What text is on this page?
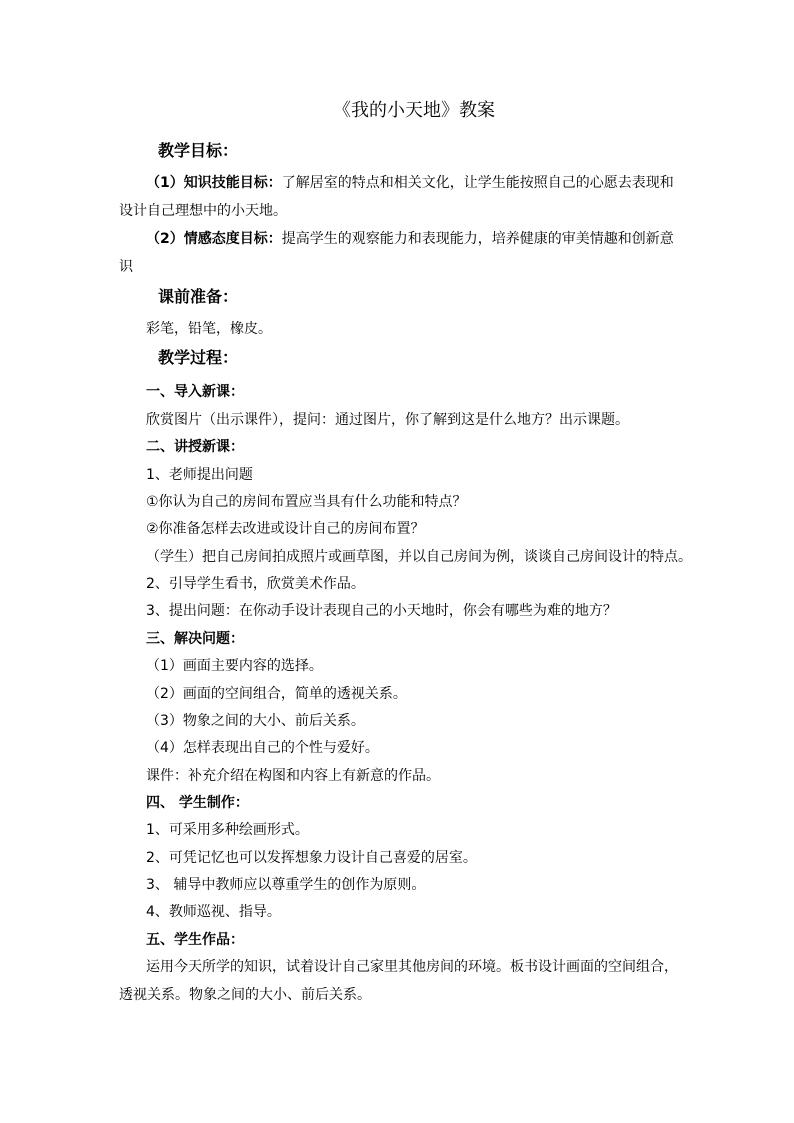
《我的小天地》教案
教学目标：
（1）知识技能目标：了解居室的特点和相关文化，让学生能按照自己的心愿去表现和
设计自己理想中的小天地。
（2）情感态度目标：提高学生的观察能力和表现能力，培养健康的审美情趣和创新意
识
课前准备：
彩笔，铅笔，橡皮。
教学过程：
一、导入新课：
欣赏图片（出示课件），提问：通过图片，你了解到这是什么地方？出示课题。
二、讲授新课：
1、老师提出问题
①你认为自己的房间布置应当具有什么功能和特点？
②你准备怎样去改进或设计自己的房间布置？
（学生）把自己房间拍成照片或画草图，并以自己房间为例，谈谈自己房间设计的特点。
2、引导学生看书，欣赏美术作品。
3、提出问题：在你动手设计表现自己的小天地时，你会有哪些为难的地方？
三、解决问题：
（1）画面主要内容的选择。
（2）画面的空间组合，简单的透视关系。
（3）物象之间的大小、前后关系。
（4）怎样表现出自己的个性与爱好。
课件：补充介绍在构图和内容上有新意的作品。
四、 学生制作：
1、可采用多种绘画形式。
2、可凭记忆也可以发挥想象力设计自己喜爱的居室。
3、 辅导中教师应以尊重学生的创作为原则。
4、教师巡视、指导。
五、学生作品：
运用今天所学的知识，试着设计自己家里其他房间的环境。板书设计画面的空间组合，
透视关系。物象之间的大小、前后关系。
